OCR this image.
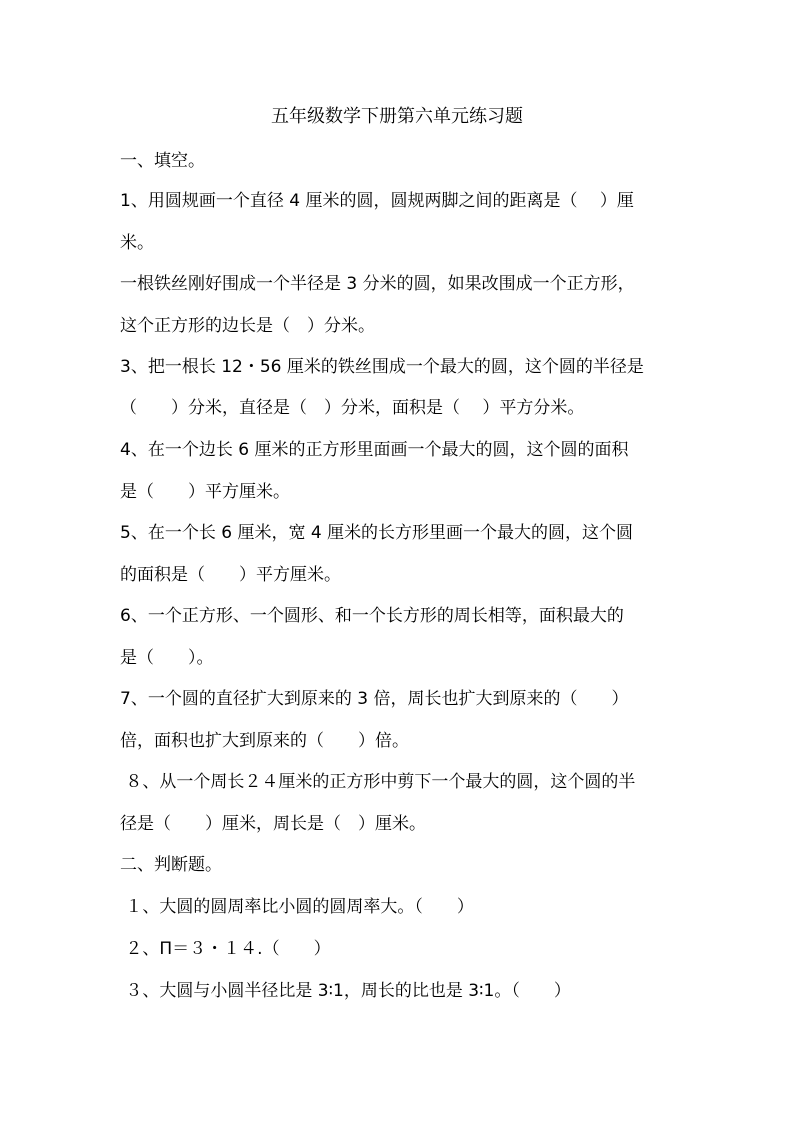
五年级数学下册第六单元练习题
一、填空。
1、用圆规画一个直径 4 厘米的圆，圆规两脚之间的距离是（　 ）厘
米。
一根铁丝刚好围成一个半径是 3 分米的圆，如果改围成一个正方形，
这个正方形的边长是（　）分米。
3、把一根长 12・56 厘米的铁丝围成一个最大的圆，这个圆的半径是
（　　）分米，直径是（　）分米，面积是（　 ）平方分米。
4、在一个边长 6 厘米的正方形里面画一个最大的圆，这个圆的面积
是（　　）平方厘米。
5、在一个长 6 厘米，宽 4 厘米的长方形里画一个最大的圆，这个圆
的面积是（　　）平方厘米。
6、一个正方形、一个圆形、和一个长方形的周长相等，面积最大的
是（　　）。
7、一个圆的直径扩大到原来的 3 倍，周长也扩大到原来的（　　）
倍，面积也扩大到原来的（　　）倍。
８、从一个周长２４厘米的正方形中剪下一个最大的圆，这个圆的半
径是（　　）厘米，周长是（　）厘米。
二、判断题。
１、大圆的圆周率比小圆的圆周率大。（　　）
２、Π＝３・１４.（　　）
３、大圆与小圆半径比是 3∶1，周长的比也是 3∶1。（　　）
